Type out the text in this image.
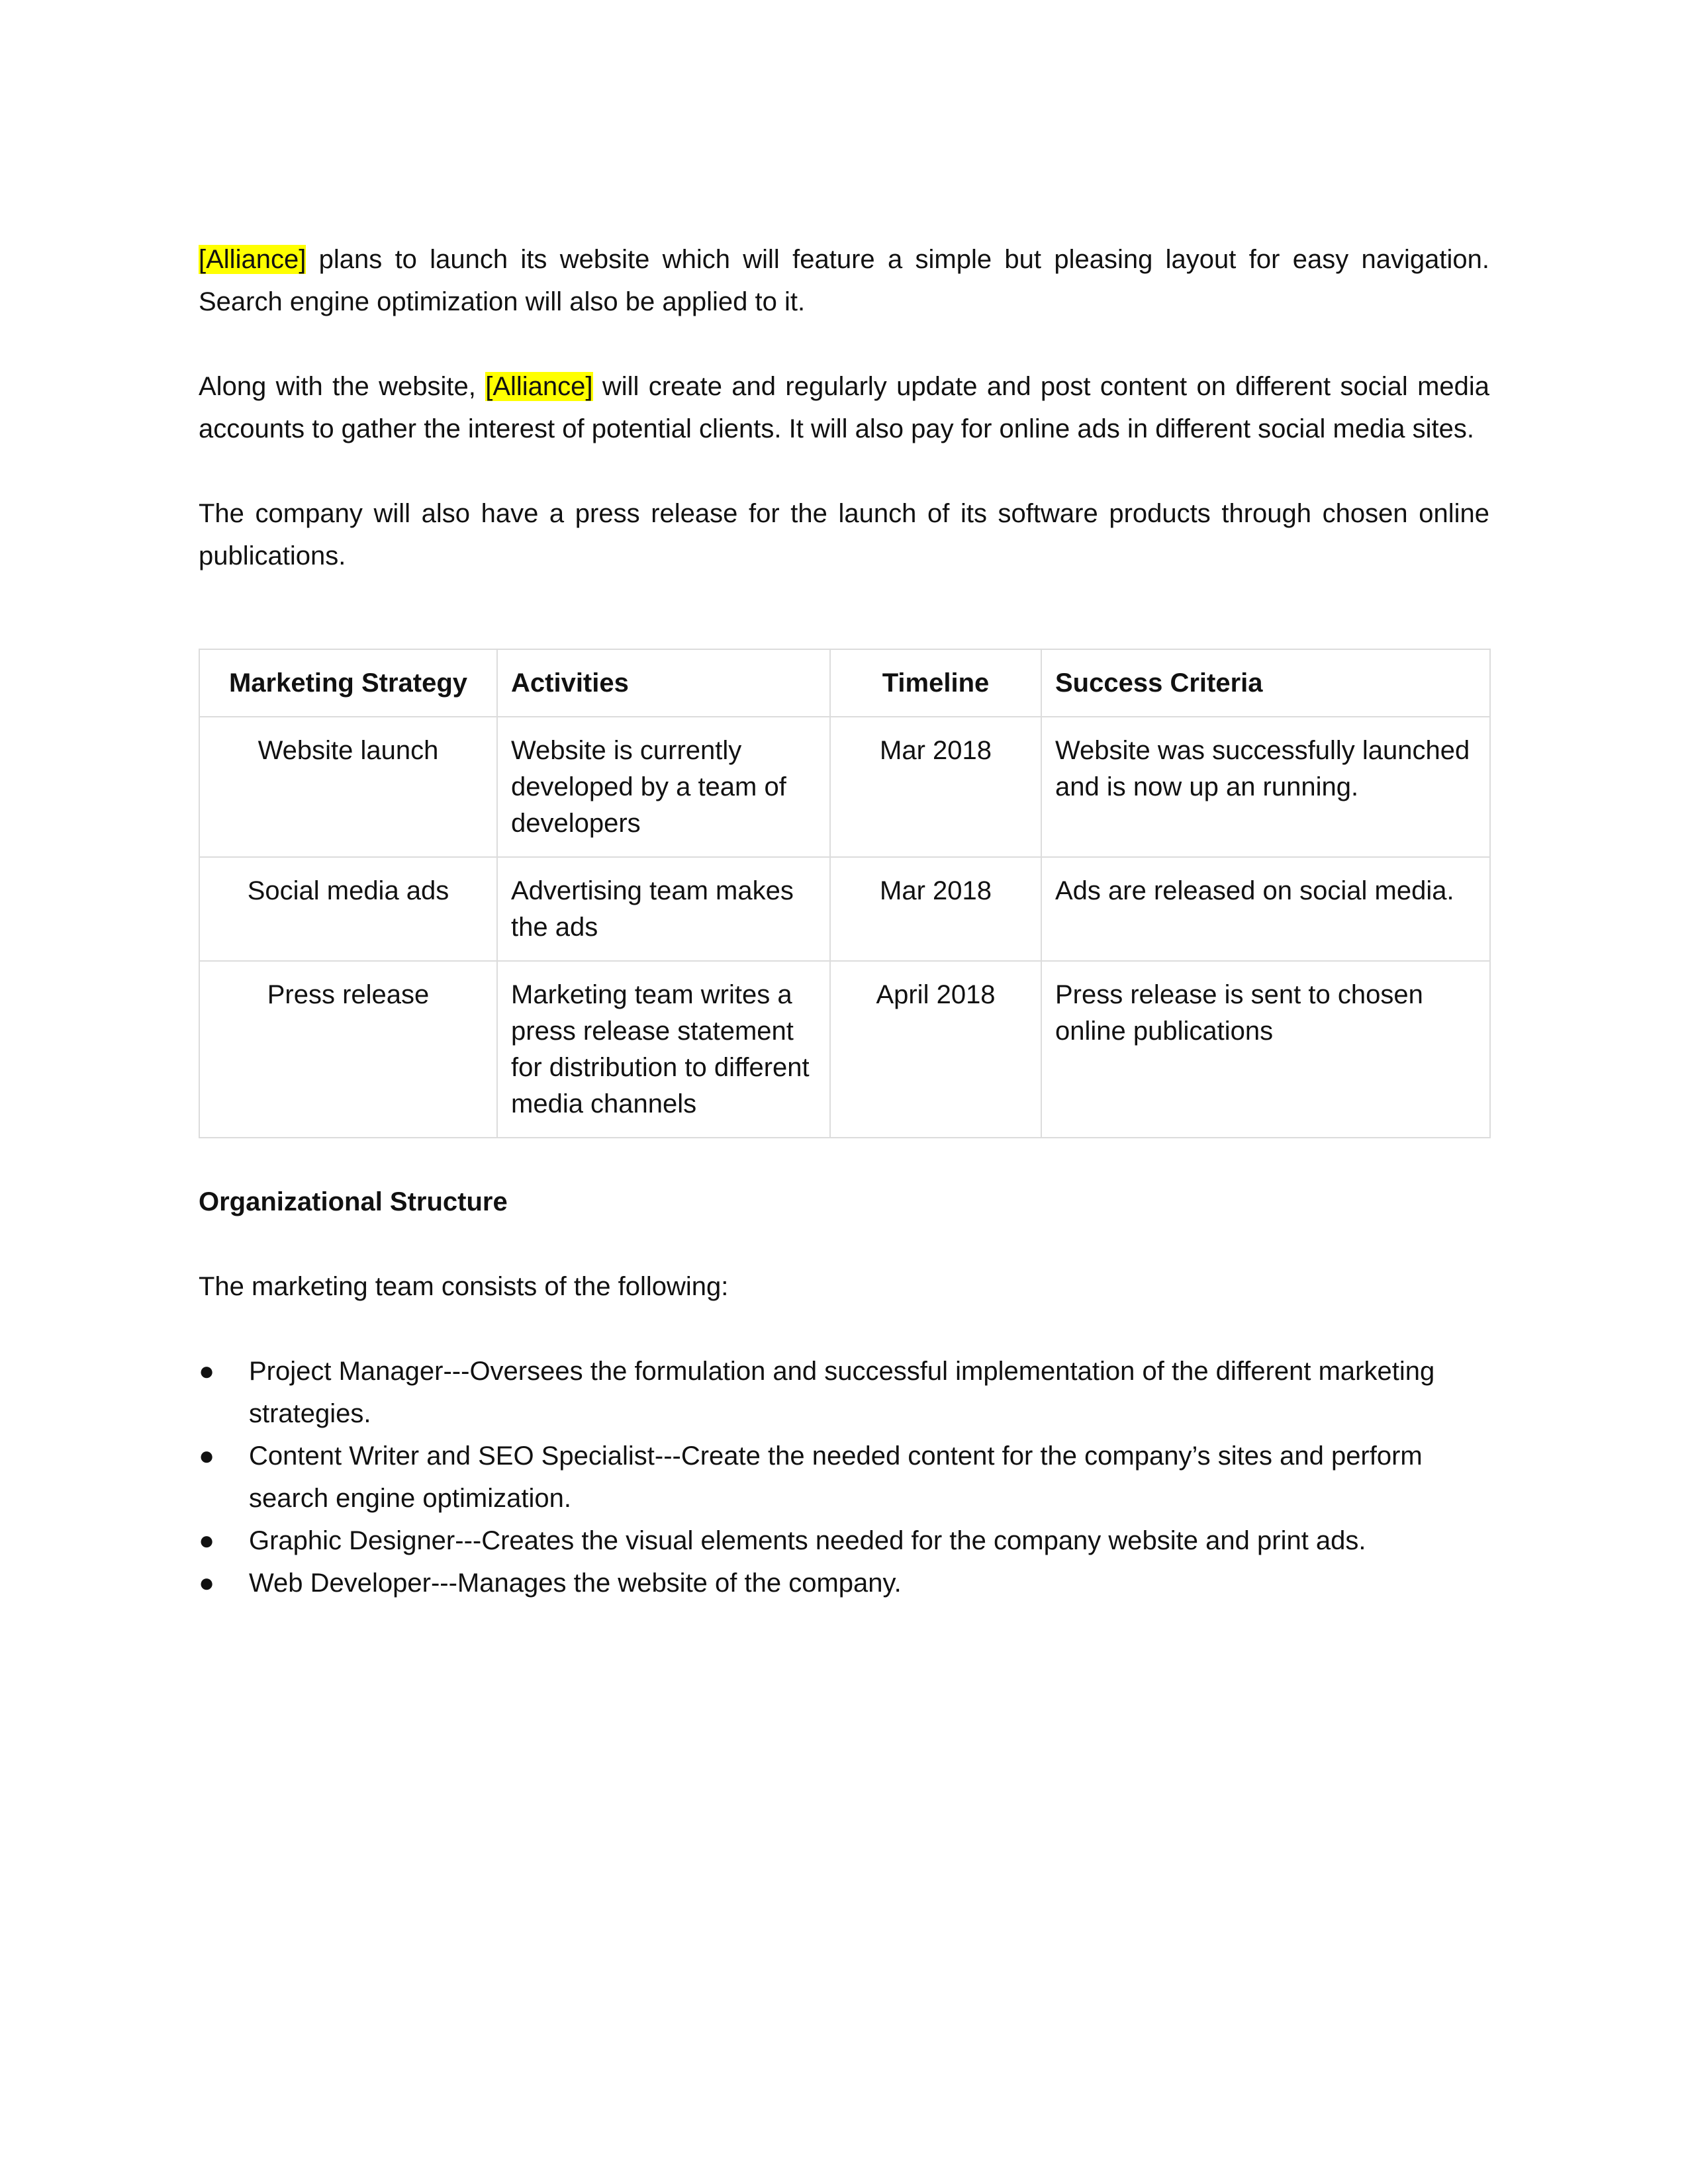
[Alliance] plans to launch its website which will feature a simple but pleasing layout for easy navigation. Search engine optimization will also be applied to it.

Along with the website, [Alliance] will create and regularly update and post content on different social media accounts to gather the interest of potential clients. It will also pay for online ads in different social media sites.

The company will also have a press release for the launch of its software products through chosen online publications.

Marketing Strategy	Activities	Timeline	Success Criteria
Website launch	Website is currently developed by a team of developers	Mar 2018	Website was successfully launched and is now up an running.
Social media ads	Advertising team makes the ads	Mar 2018	Ads are released on social media.
Press release	Marketing team writes a press release statement for distribution to different media channels	April 2018	Press release is sent to chosen online publications
Organizational Structure

The marketing team consists of the following:

● Project Manager---Oversees the formulation and successful implementation of the different marketing strategies.
● Content Writer and SEO Specialist---Create the needed content for the company’s sites and perform search engine optimization.
● Graphic Designer---Creates the visual elements needed for the company website and print ads.
● Web Developer---Manages the website of the company.
